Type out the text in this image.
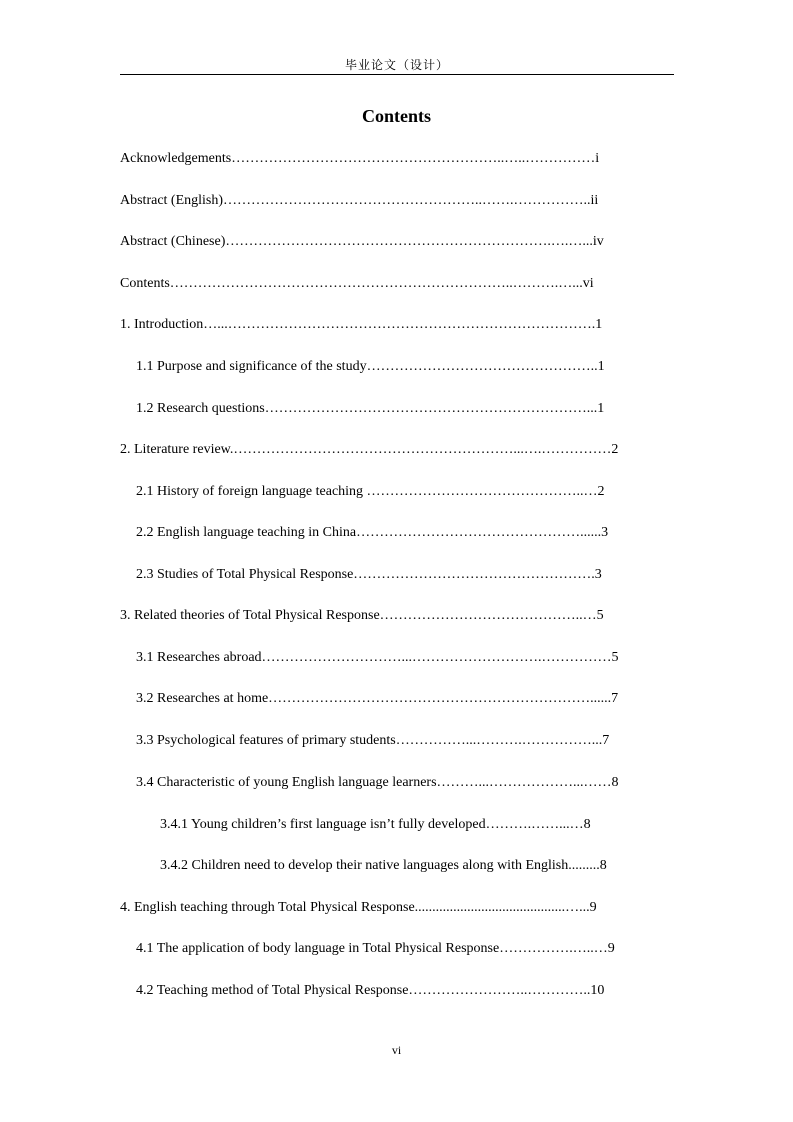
毕业论文（设计）
Contents

Acknowledgements…………………………………………………..…..……………i

Abstract (English)………………………………………………..…….……………..ii

Abstract (Chinese)…………………………………………………………….….…...iv

Contents………………………………………………………………..……….…...vi

1. Introduction…...…………………………………………………………………….1

1.1 Purpose and significance of the study…………………………………………..1

1.2 Research questions……………………………………………………………...1

2. Literature review.……………………………………………………...….……………2

2.1 History of foreign language teaching ………………………………………..…2

2.2 English language teaching in China…………………………………………......3

2.3 Studies of Total Physical Response…………………………………………….3

3. Related theories of Total Physical Response……………………………………..…5

3.1 Researches abroad…………………………...……………………….……………5

3.2 Researches at home……………………………………………………………......7

3.3 Psychological features of primary students……………...……….……………...7

3.4 Characteristic of young English language learners………...………………...……8

3.4.1 Young children’s first language isn’t fully developed……….……...…8

3.4.2 Children need to develop their native languages along with English.........8

4. English teaching through Total Physical Response...........................................…...9

4.1 The application of body language in Total Physical Response…………….…..…9

4.2 Teaching method of Total Physical Response……………………..…………..10

vi
